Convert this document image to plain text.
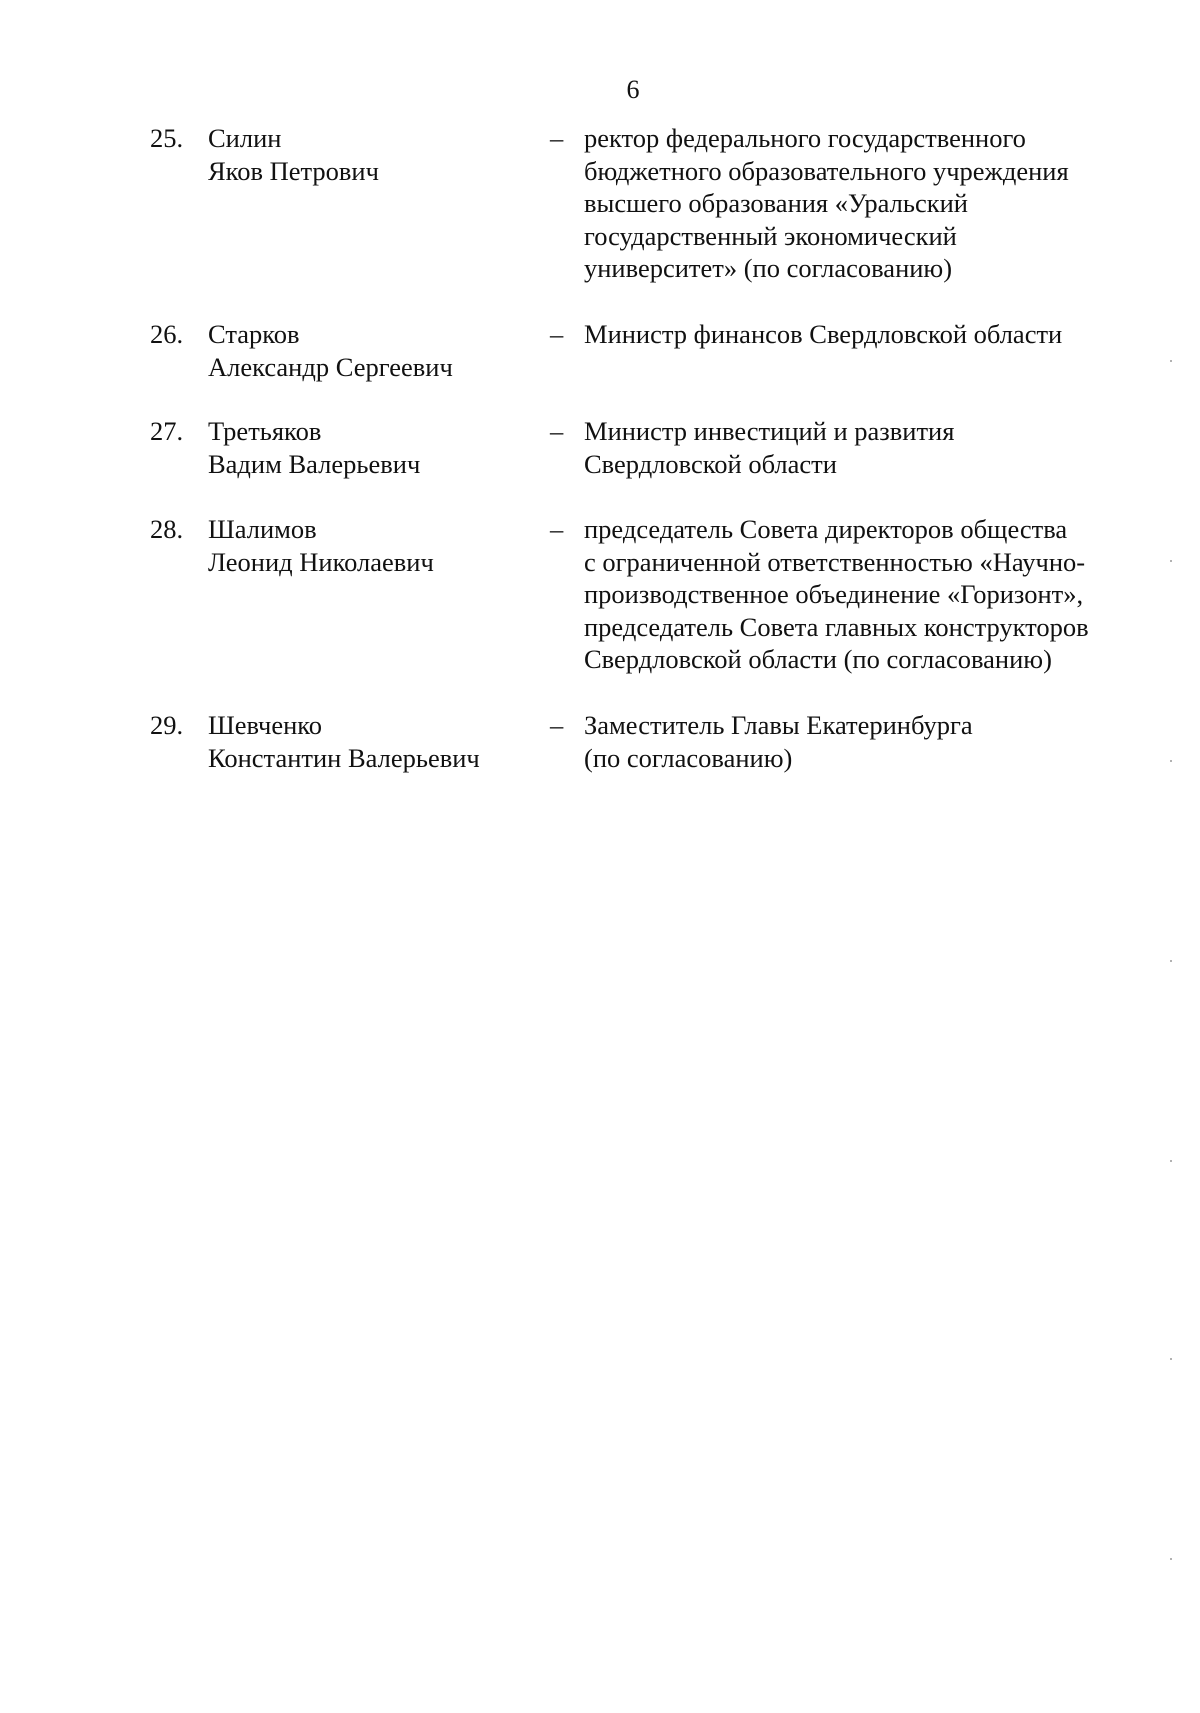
6
25. Силин
Яков Петрович
– ректор федерального государственного
бюджетного образовательного учреждения
высшего образования «Уральский
государственный экономический
университет» (по согласованию)
26. Старков
Александр Сергеевич
– Министр финансов Свердловской области
27. Третьяков
Вадим Валерьевич
– Министр инвестиций и развития
Свердловской области
28. Шалимов
Леонид Николаевич
– председатель Совета директоров общества
с ограниченной ответственностью «Научно-
производственное объединение «Горизонт»,
председатель Совета главных конструкторов
Свердловской области (по согласованию)
29. Шевченко
Константин Валерьевич
– Заместитель Главы Екатеринбурга
(по согласованию)
